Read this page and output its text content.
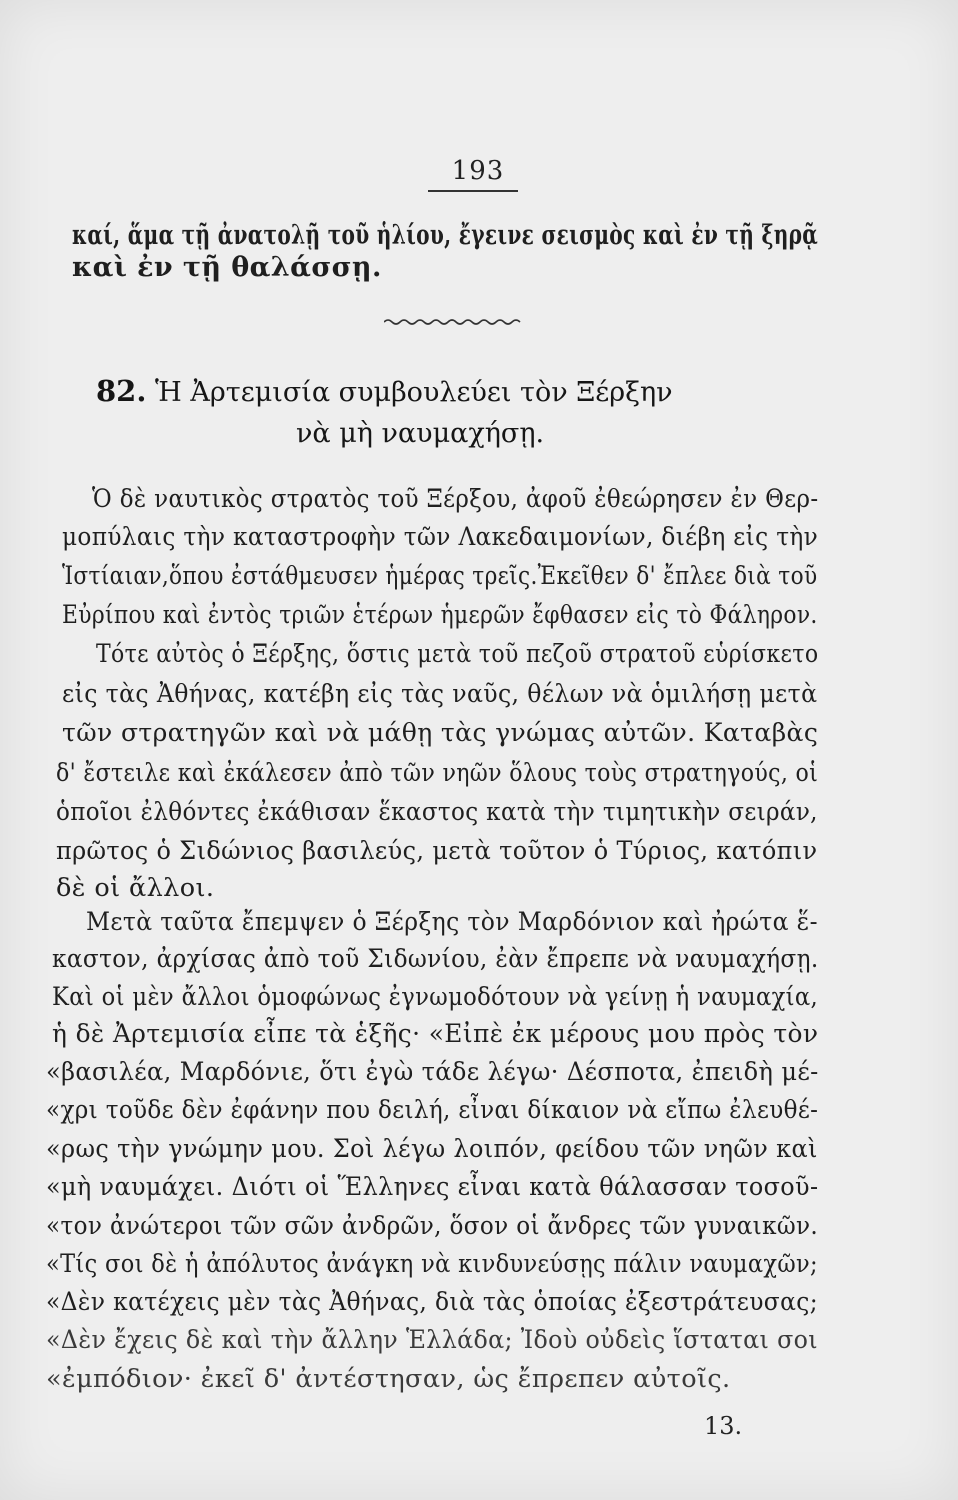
193
καί, ἅμα τῇ ἀνατολῇ τοῦ ἡλίου, ἔγεινε σεισμὸς καὶ ἐν τῇ ξηρᾷ
καὶ ἐν τῇ θαλάσσῃ.
82. Ἡ Ἀρτεμισία συμβουλεύει τὸν Ξέρξην
νὰ μὴ ναυμαχήσῃ.
Ὁ δὲ ναυτικὸς στρατὸς τοῦ Ξέρξου, ἀφοῦ ἐθεώρησεν ἐν Θερ-
μοπύλαις τὴν καταστροφὴν τῶν Λακεδαιμονίων, διέβη εἰς τὴν
Ἱστίαιαν,ὅπου ἐστάθμευσεν ἡμέρας τρεῖς.Ἐκεῖθεν δ' ἔπλεε διὰ τοῦ
Εὐρίπου καὶ ἐντὸς τριῶν ἑτέρων ἡμερῶν ἔφθασεν εἰς τὸ Φάληρον.
Τότε αὐτὸς ὁ Ξέρξης, ὅστις μετὰ τοῦ πεζοῦ στρατοῦ εὑρίσκετο
εἰς τὰς Ἀθήνας, κατέβη εἰς τὰς ναῦς, θέλων νὰ ὁμιλήσῃ μετὰ
τῶν στρατηγῶν καὶ νὰ μάθῃ τὰς γνώμας αὐτῶν. Καταβὰς
δ' ἔστειλε καὶ ἐκάλεσεν ἀπὸ τῶν νηῶν ὅλους τοὺς στρατηγούς, οἱ
ὁποῖοι ἐλθόντες ἐκάθισαν ἕκαστος κατὰ τὴν τιμητικὴν σειράν,
πρῶτος ὁ Σιδώνιος βασιλεύς, μετὰ τοῦτον ὁ Τύριος, κατόπιν
δὲ οἱ ἄλλοι.
Μετὰ ταῦτα ἔπεμψεν ὁ Ξέρξης τὸν Μαρδόνιον καὶ ἠρώτα ἕ-
καστον, ἀρχίσας ἀπὸ τοῦ Σιδωνίου, ἐὰν ἔπρεπε νὰ ναυμαχήσῃ.
Καὶ οἱ μὲν ἄλλοι ὁμοφώνως ἐγνωμοδότουν νὰ γείνῃ ἡ ναυμαχία,
ἡ δὲ Ἀρτεμισία εἶπε τὰ ἑξῆς· «Εἰπὲ ἐκ μέρους μου πρὸς τὸν
«βασιλέα, Μαρδόνιε, ὅτι ἐγὼ τάδε λέγω· Δέσποτα, ἐπειδὴ μέ-
«χρι τοῦδε δὲν ἐφάνην που δειλή, εἶναι δίκαιον νὰ εἴπω ἐλευθέ-
«ρως τὴν γνώμην μου. Σοὶ λέγω λοιπόν, φείδου τῶν νηῶν καὶ
«μὴ ναυμάχει. Διότι οἱ Ἕλληνες εἶναι κατὰ θάλασσαν τοσοῦ-
«τον ἀνώτεροι τῶν σῶν ἀνδρῶν, ὅσον οἱ ἄνδρες τῶν γυναικῶν.
«Τίς σοι δὲ ἡ ἀπόλυτος ἀνάγκη νὰ κινδυνεύσῃς πάλιν ναυμαχῶν;
«Δὲν κατέχεις μὲν τὰς Ἀθήνας, διὰ τὰς ὁποίας ἐξεστράτευσας;
«Δὲν ἔχεις δὲ καὶ τὴν ἄλλην Ἑλλάδα; Ἰδοὺ οὐδεὶς ἵσταται σοι
«ἐμπόδιον· ἐκεῖ δ' ἀντέστησαν, ὡς ἔπρεπεν αὐτοῖς.
13.
